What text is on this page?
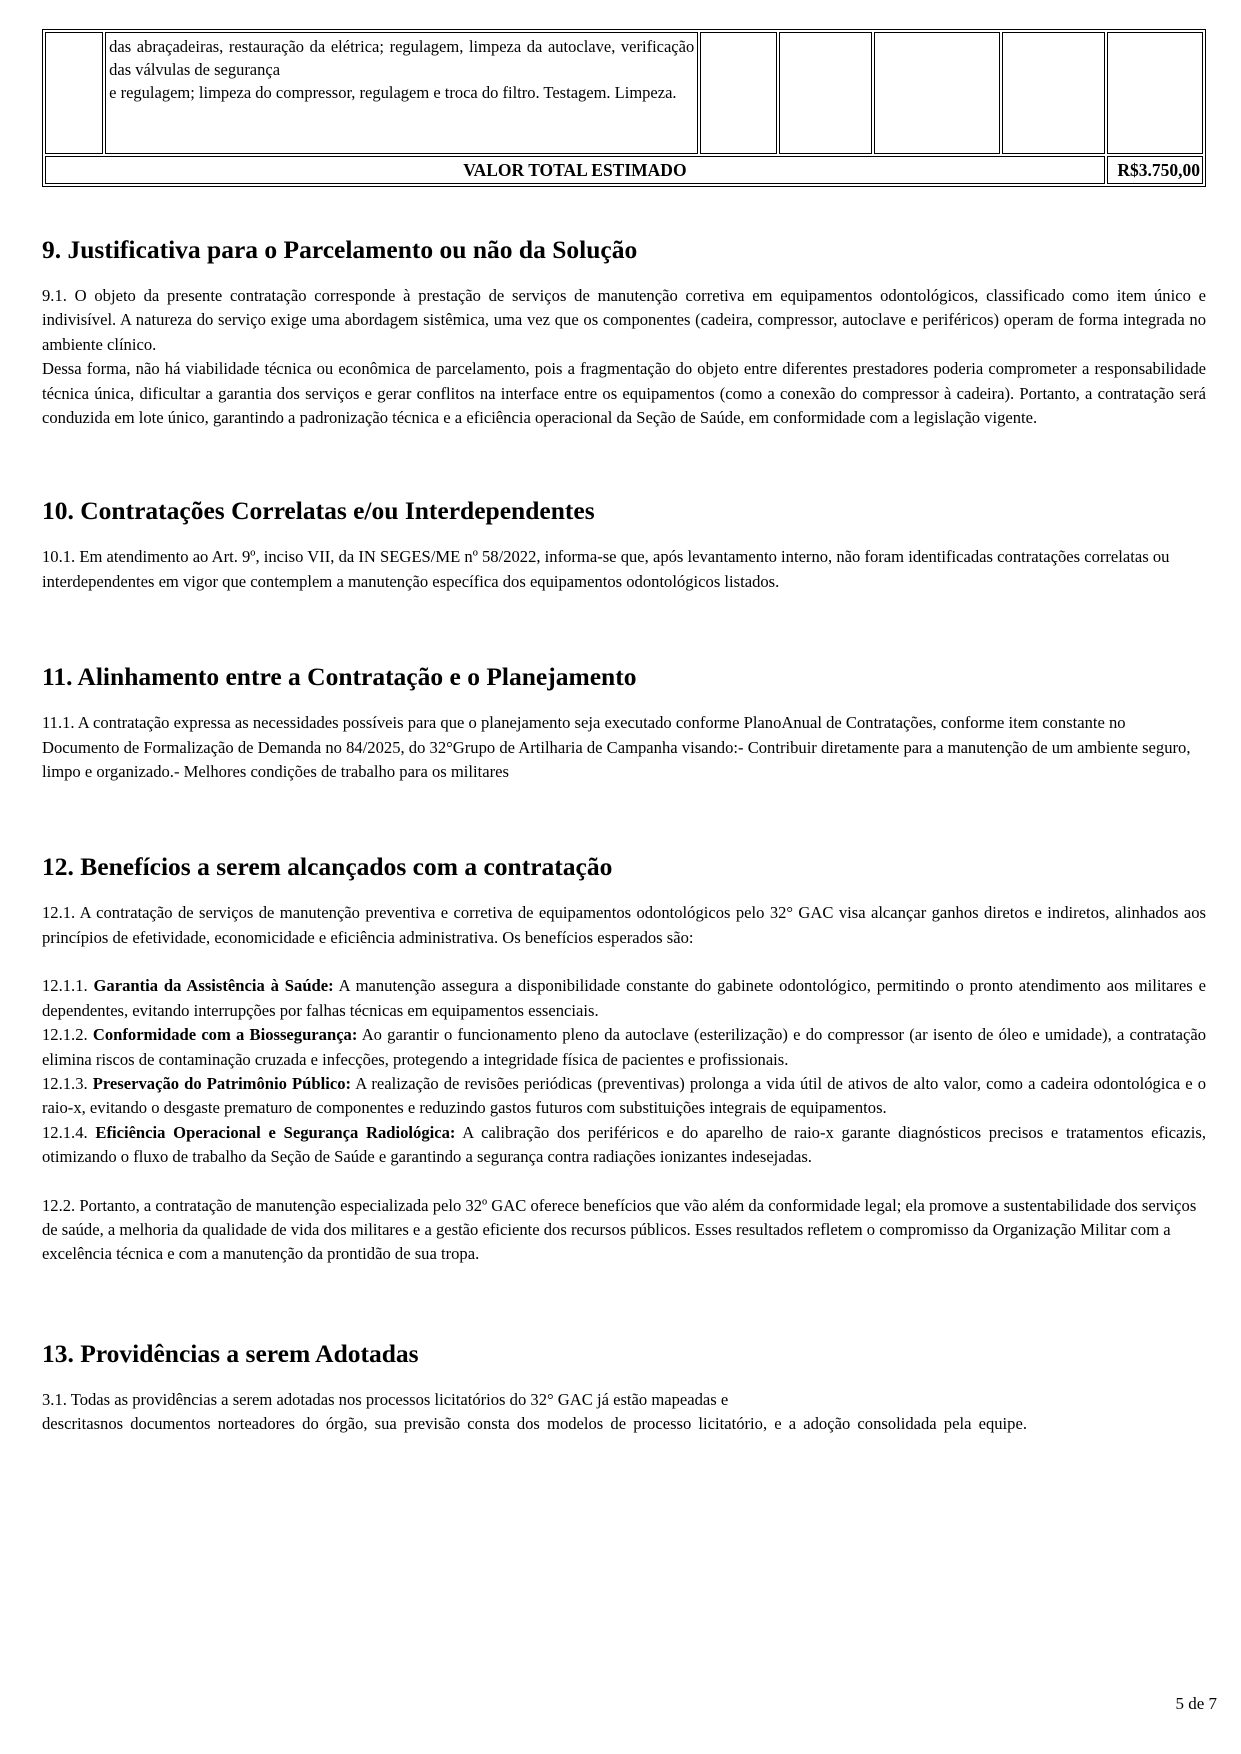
	das abraçadeiras, restauração da elétrica; regulagem, limpeza da autoclave, verificação das válvulas de segurança
e regulagem; limpeza do compressor, regulagem e troca do filtro. Testagem. Limpeza.					

VALOR TOTAL ESTIMADO						R$3.750,00
9. Justificativa para o Parcelamento ou não da Solução

9.1. O objeto da presente contratação corresponde à prestação de serviços de manutenção corretiva em equipamentos odontológicos, classificado como item único e indivisível. A natureza do serviço exige uma abordagem sistêmica, uma vez que os componentes (cadeira, compressor, autoclave e periféricos) operam de forma integrada no ambiente clínico.

Dessa forma, não há viabilidade técnica ou econômica de parcelamento, pois a fragmentação do objeto entre diferentes prestadores poderia comprometer a responsabilidade técnica única, dificultar a garantia dos serviços e gerar conflitos na interface entre os equipamentos (como a conexão do compressor à cadeira). Portanto, a contratação será conduzida em lote único, garantindo a padronização técnica e a eficiência operacional da Seção de Saúde, em conformidade com a legislação vigente.

10. Contratações Correlatas e/ou Interdependentes

10.1. Em atendimento ao Art. 9º, inciso VII, da IN SEGES/ME nº 58/2022, informa-se que, após levantamento interno, não foram identificadas contratações correlatas ou interdependentes em vigor que contemplem a manutenção específica dos equipamentos odontológicos listados.

11. Alinhamento entre a Contratação e o Planejamento

11.1. A contratação expressa as necessidades possíveis para que o planejamento seja executado conforme PlanoAnual de Contratações, conforme item constante no Documento de Formalização de Demanda no 84/2025, do 32°Grupo de Artilharia de Campanha visando:- Contribuir diretamente para a manutenção de um ambiente seguro, limpo e organizado.- Melhores condições de trabalho para os militares

12. Benefícios a serem alcançados com a contratação

12.1. A contratação de serviços de manutenção preventiva e corretiva de equipamentos odontológicos pelo 32° GAC visa alcançar ganhos diretos e indiretos, alinhados aos princípios de efetividade, economicidade e eficiência administrativa. Os benefícios esperados são:

12.1.1. Garantia da Assistência à Saúde: A manutenção assegura a disponibilidade constante do gabinete odontológico, permitindo o pronto atendimento aos militares e dependentes, evitando interrupções por falhas técnicas em equipamentos essenciais.

12.1.2. Conformidade com a Biossegurança: Ao garantir o funcionamento pleno da autoclave (esterilização) e do compressor (ar isento de óleo e umidade), a contratação elimina riscos de contaminação cruzada e infecções, protegendo a integridade física de pacientes e profissionais.

12.1.3. Preservação do Patrimônio Público: A realização de revisões periódicas (preventivas) prolonga a vida útil de ativos de alto valor, como a cadeira odontológica e o raio-x, evitando o desgaste prematuro de componentes e reduzindo gastos futuros com substituições integrais de equipamentos.

12.1.4. Eficiência Operacional e Segurança Radiológica: A calibração dos periféricos e do aparelho de raio-x garante diagnósticos precisos e tratamentos eficazis, otimizando o fluxo de trabalho da Seção de Saúde e garantindo a segurança contra radiações ionizantes indesejadas.

12.2. Portanto, a contratação de manutenção especializada pelo 32º GAC oferece benefícios que vão além da conformidade legal; ela promove a sustentabilidade dos serviços de saúde, a melhoria da qualidade de vida dos militares e a gestão eficiente dos recursos públicos. Esses resultados refletem o compromisso da Organização Militar com a excelência técnica e com a manutenção da prontidão de sua tropa.

13. Providências a serem Adotadas

3.1. Todas as providências a serem adotadas nos processos licitatórios do 32° GAC já estão mapeadas e

descritasnos documentos norteadores do órgão, sua previsão consta dos modelos de processo licitatório, e a adoção consolidada pela equipe.

5 de 7
